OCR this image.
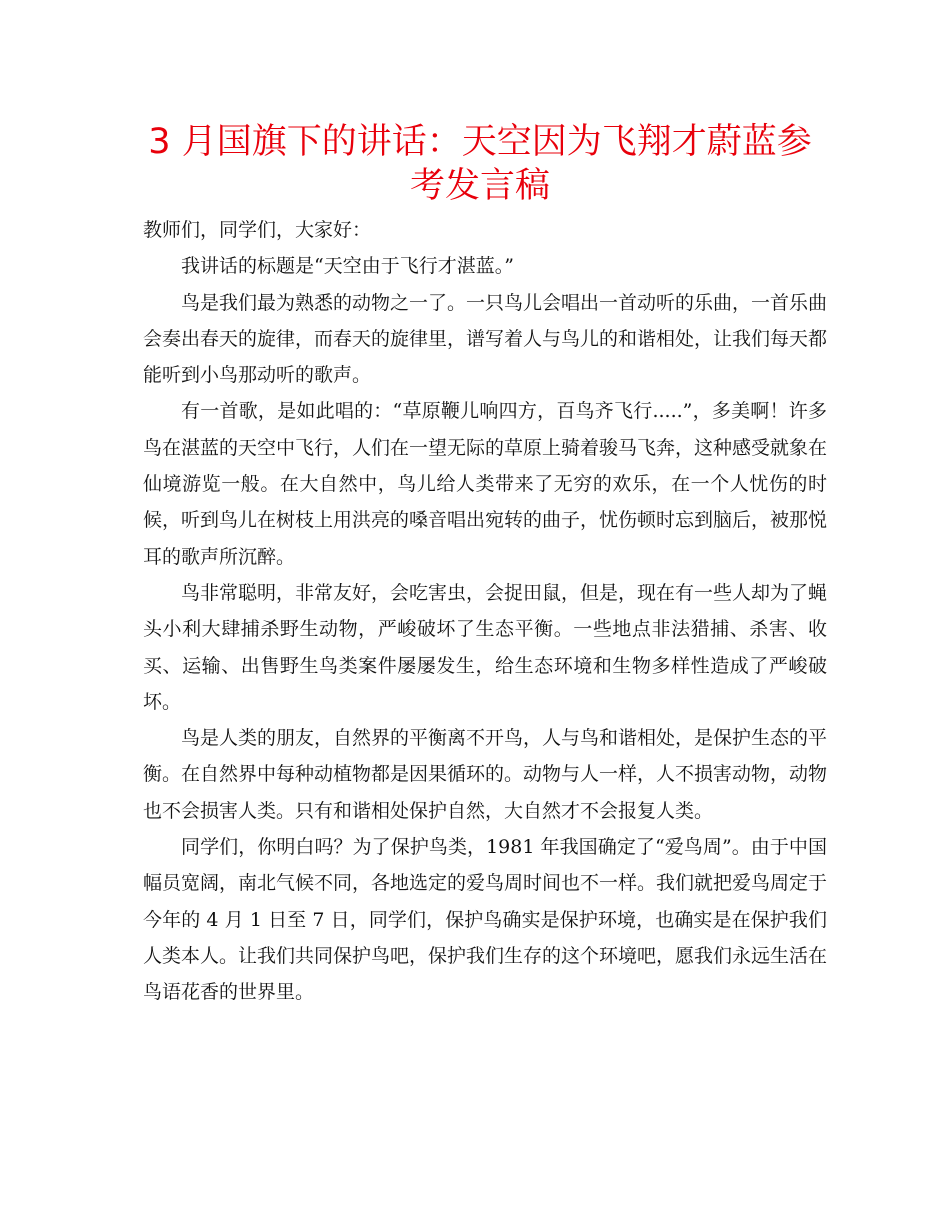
3 月国旗下的讲话：天空因为飞翔才蔚蓝参考发言稿

教师们，同学们，大家好：

我讲话的标题是“天空由于飞行才湛蓝。”

鸟是我们最为熟悉的动物之一了。一只鸟儿会唱出一首动听的乐曲，一首乐曲会奏出春天的旋律，而春天的旋律里，谱写着人与鸟儿的和谐相处，让我们每天都能听到小鸟那动听的歌声。

有一首歌，是如此唱的：“草原鞭儿响四方，百鸟齐飞行.....”，多美啊！许多鸟在湛蓝的天空中飞行，人们在一望无际的草原上骑着骏马飞奔，这种感受就象在仙境游览一般。在大自然中，鸟儿给人类带来了无穷的欢乐，在一个人忧伤的时候，听到鸟儿在树枝上用洪亮的嗓音唱出宛转的曲子，忧伤顿时忘到脑后，被那悦耳的歌声所沉醉。

鸟非常聪明，非常友好，会吃害虫，会捉田鼠，但是，现在有一些人却为了蝇头小利大肆捕杀野生动物，严峻破坏了生态平衡。一些地点非法猎捕、杀害、收买、运输、出售野生鸟类案件屡屡发生，给生态环境和生物多样性造成了严峻破坏。

鸟是人类的朋友，自然界的平衡离不开鸟，人与鸟和谐相处，是保护生态的平衡。在自然界中每种动植物都是因果循环的。动物与人一样，人不损害动物，动物也不会损害人类。只有和谐相处保护自然，大自然才不会报复人类。

同学们，你明白吗？为了保护鸟类，1981 年我国确定了“爱鸟周”。由于中国幅员宽阔，南北气候不同，各地选定的爱鸟周时间也不一样。我们就把爱鸟周定于今年的 4 月 1 日至 7 日，同学们，保护鸟确实是保护环境，也确实是在保护我们人类本人。让我们共同保护鸟吧，保护我们生存的这个环境吧，愿我们永远生活在鸟语花香的世界里。
